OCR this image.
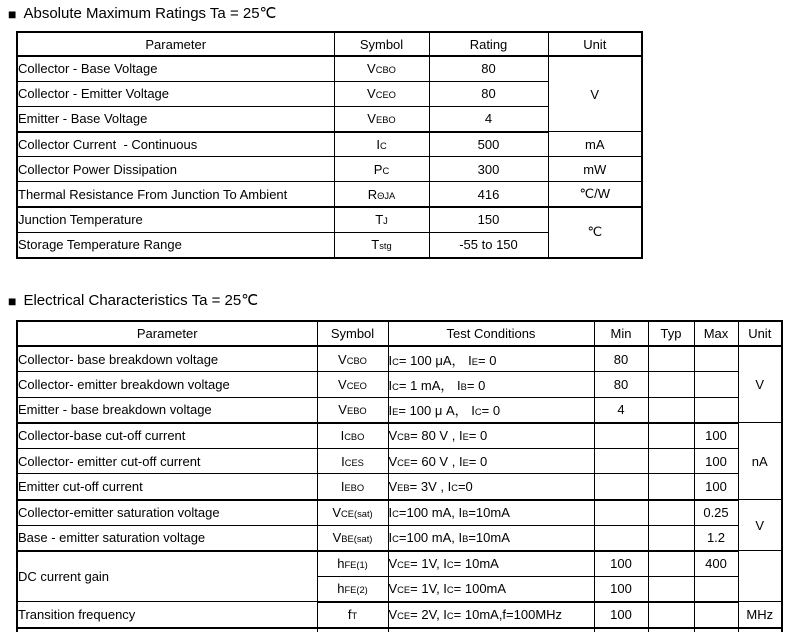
■ Absolute Maximum Ratings Ta = 25℃
Parameter	Symbol	Rating	Unit
Collector - Base Voltage	VCBO	80	V
Collector - Emitter Voltage	VCEO	80	
Emitter - Base Voltage	VEBO	4	
Collector Current  - Continuous	IC	500	mA
Collector Power Dissipation	PC	300	mW
Thermal Resistance From Junction To Ambient	RΘJA	416	℃/W
Junction Temperature	TJ	150	℃
Storage Temperature Range	Tstg	-55 to 150	
■ Electrical Characteristics Ta = 25℃
Parameter	Symbol	Test Conditions	Min	Typ	Max	Unit
Collector- base breakdown voltage	VCBO	IC= 100 μA， IE= 0	80			V
Collector- emitter breakdown voltage	VCEO	IC= 1 mA， IB= 0	80			
Emitter - base breakdown voltage	VEBO	IE= 100 μ A， IC= 0	4			
Collector-base cut-off current	ICBO	VCB= 80 V , IE= 0			100	nA
Collector- emitter cut-off current	ICES	VCE= 60 V , IE= 0			100	
Emitter cut-off current	IEBO	VEB= 3V , IC=0			100	
Collector-emitter saturation voltage	VCE(sat)	IC=100 mA, IB=10mA			0.25	V
Base - emitter saturation voltage	VBE(sat)	IC=100 mA, IB=10mA			1.2	
DC current gain	hFE(1)	VCE= 1V, IC= 10mA	100		400	
	hFE(2)	VCE= 1V, IC= 100mA	100			
Transition frequency	fT	VCE= 2V, IC= 10mA,f=100MHz	100			MHz
